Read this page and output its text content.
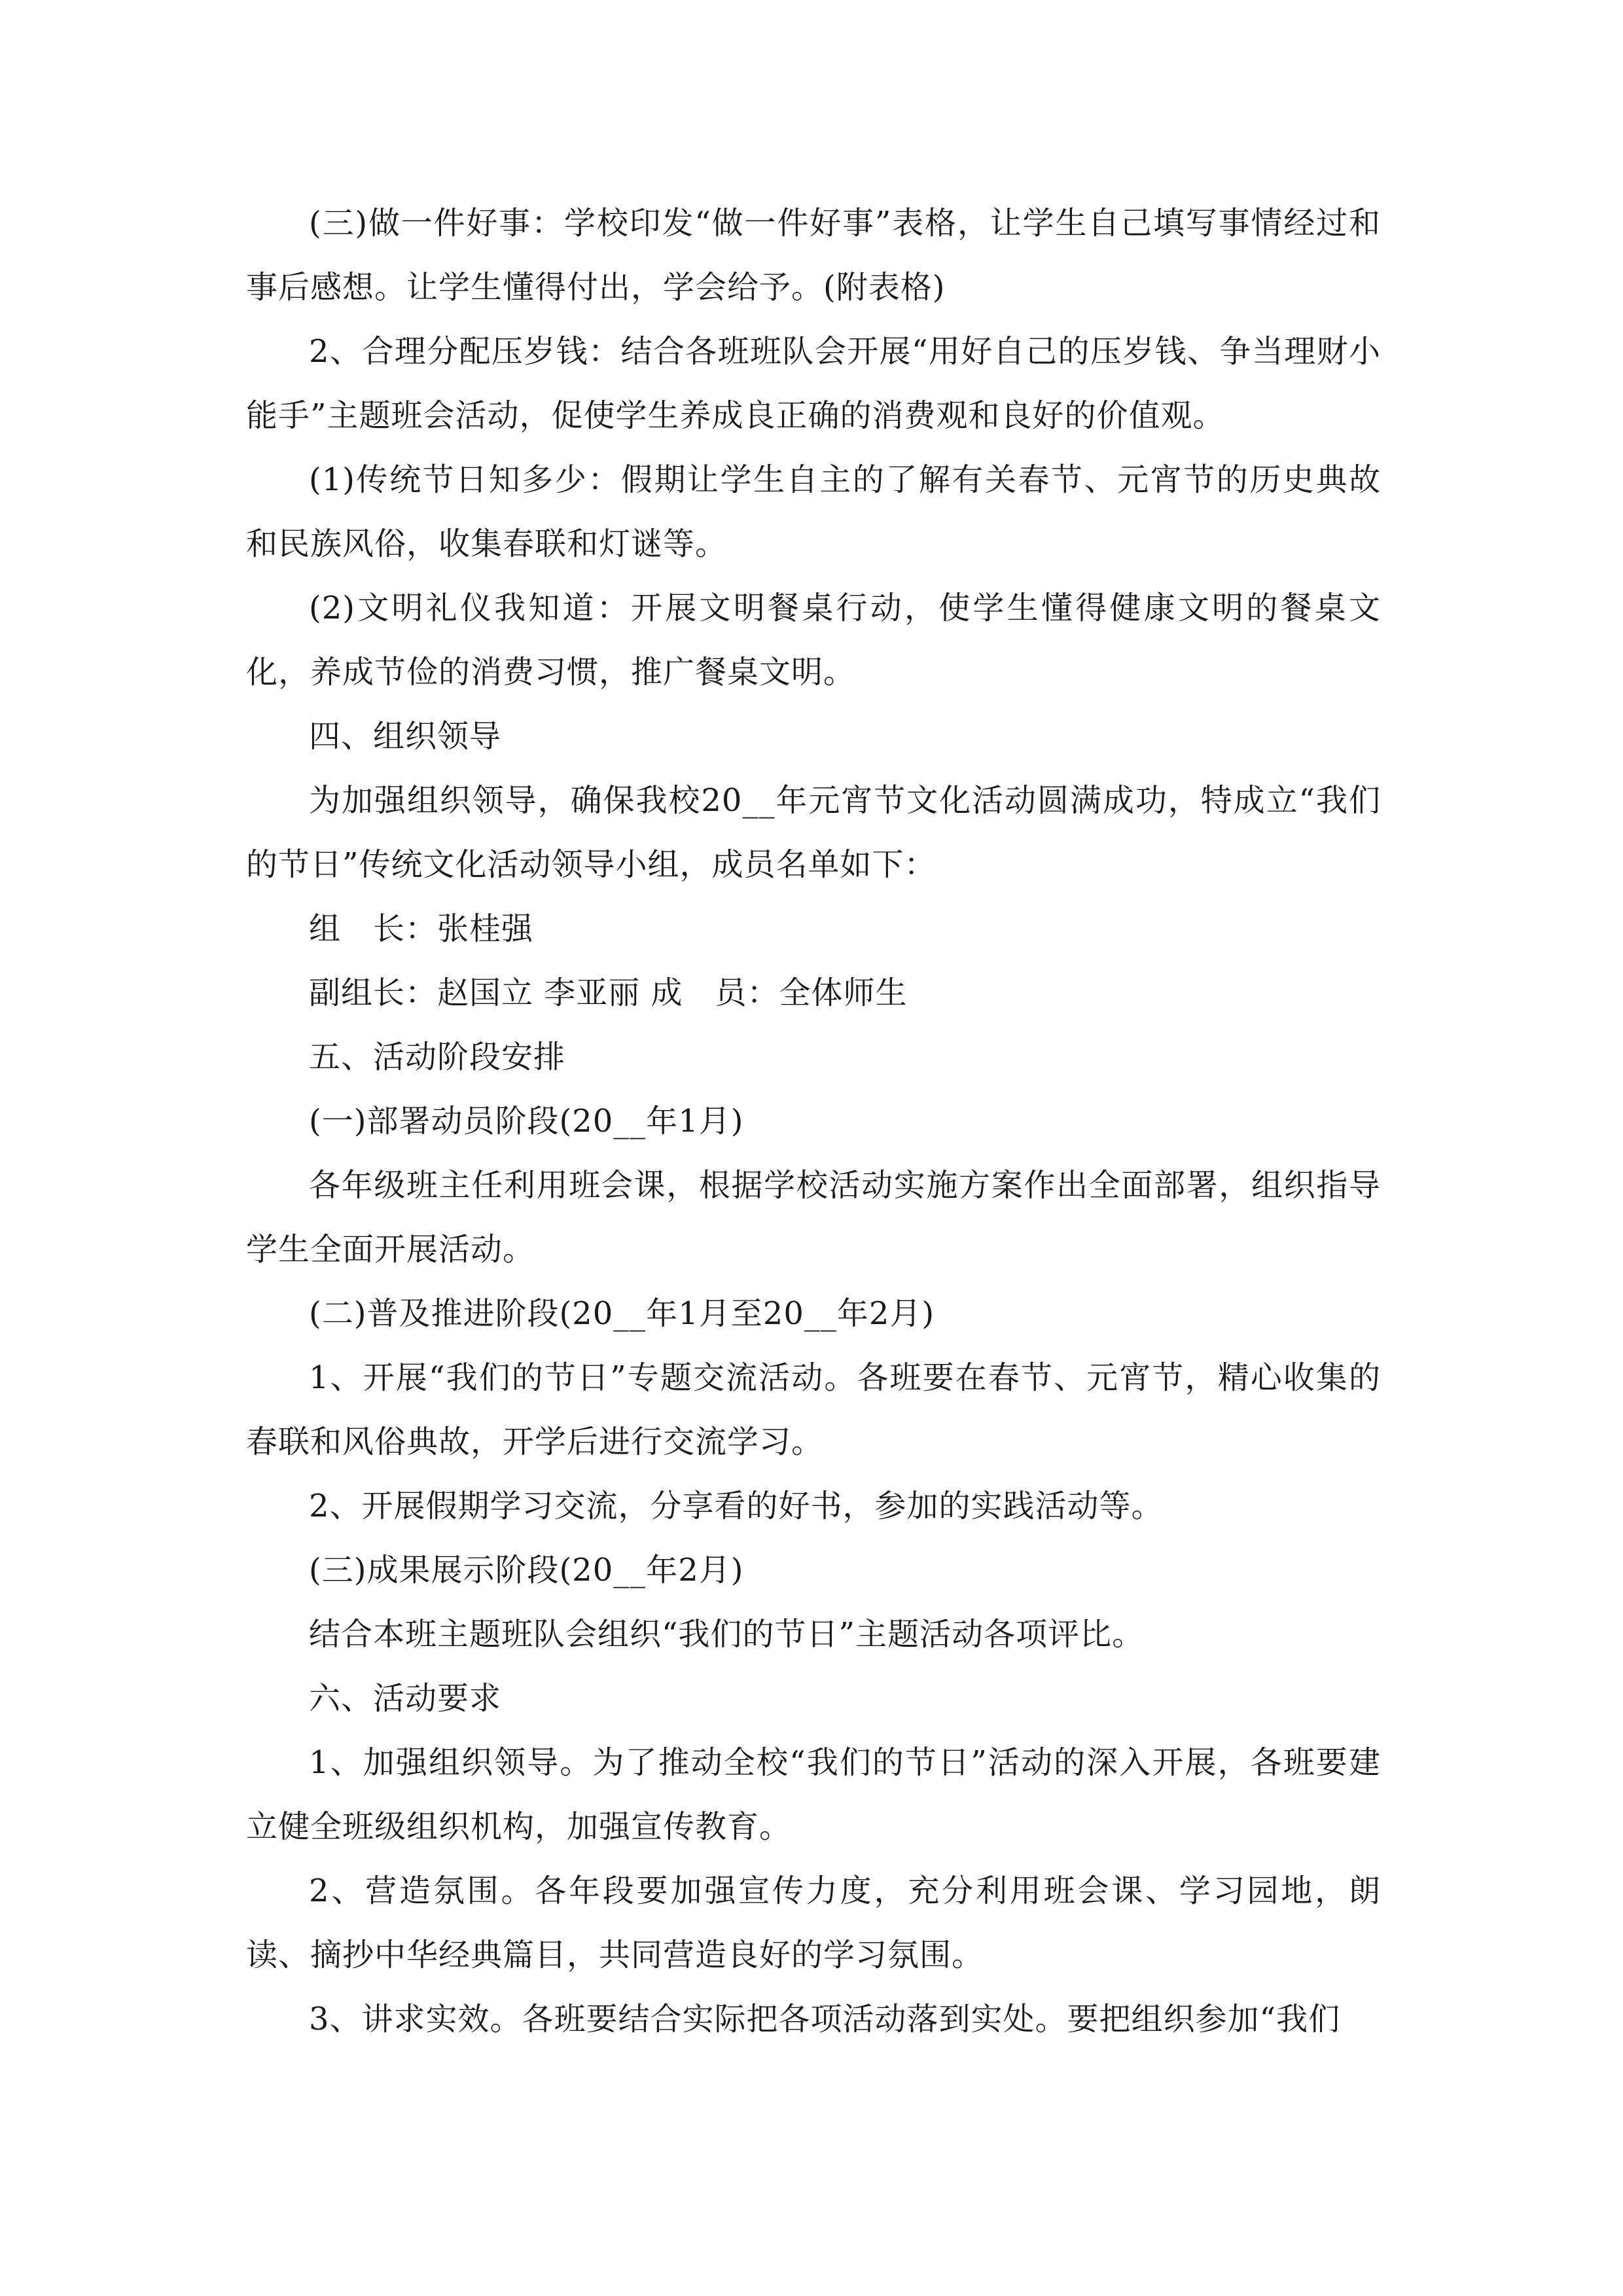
(三)做一件好事：学校印发“做一件好事”表格，让学生自己填写事情经过和事后感想。让学生懂得付出，学会给予。(附表格)

2、合理分配压岁钱：结合各班班队会开展“用好自己的压岁钱、争当理财小能手”主题班会活动，促使学生养成良正确的消费观和良好的价值观。

(1)传统节日知多少：假期让学生自主的了解有关春节、元宵节的历史典故和民族风俗，收集春联和灯谜等。

(2)文明礼仪我知道：开展文明餐桌行动，使学生懂得健康文明的餐桌文化，养成节俭的消费习惯，推广餐桌文明。

四、组织领导

为加强组织领导，确保我校20__年元宵节文化活动圆满成功，特成立“我们的节日”传统文化活动领导小组，成员名单如下：

组　长：张桂强

副组长：赵国立 李亚丽 成　员：全体师生

五、活动阶段安排

(一)部署动员阶段(20__年1月)

各年级班主任利用班会课，根据学校活动实施方案作出全面部署，组织指导学生全面开展活动。

(二)普及推进阶段(20__年1月至20__年2月)

1、开展“我们的节日”专题交流活动。各班要在春节、元宵节，精心收集的春联和风俗典故，开学后进行交流学习。

2、开展假期学习交流，分享看的好书，参加的实践活动等。

(三)成果展示阶段(20__年2月)

结合本班主题班队会组织“我们的节日”主题活动各项评比。

六、活动要求

1、加强组织领导。为了推动全校“我们的节日”活动的深入开展，各班要建立健全班级组织机构，加强宣传教育。

2、营造氛围。各年段要加强宣传力度，充分利用班会课、学习园地，朗读、摘抄中华经典篇目，共同营造良好的学习氛围。

3、讲求实效。各班要结合实际把各项活动落到实处。要把组织参加“我们
